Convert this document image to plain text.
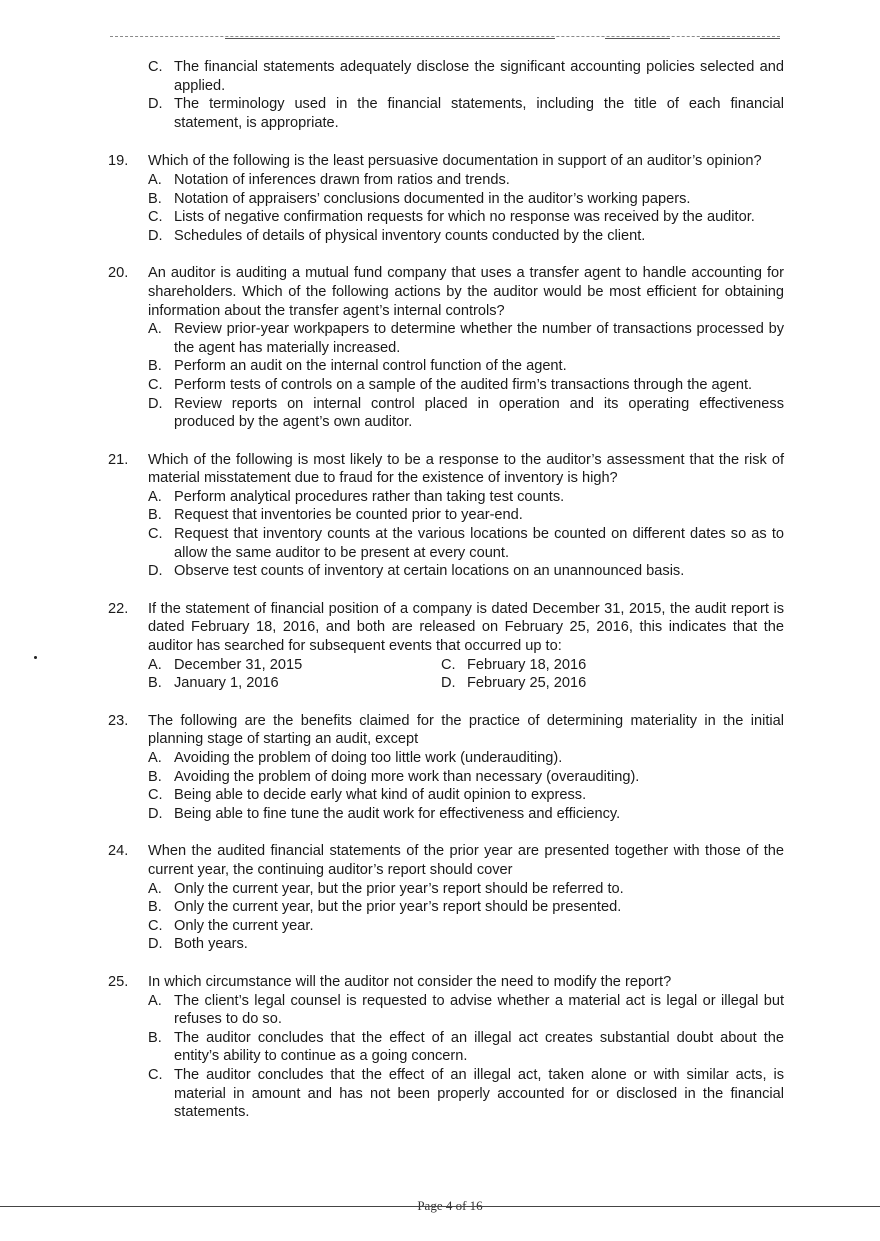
C. The financial statements adequately disclose the significant accounting policies selected and applied.
D. The terminology used in the financial statements, including the title of each financial statement, is appropriate.
19.	Which of the following is the least persuasive documentation in support of an auditor’s opinion?
A. Notation of inferences drawn from ratios and trends.
B. Notation of appraisers’ conclusions documented in the auditor’s working papers.
C. Lists of negative confirmation requests for which no response was received by the auditor.
D. Schedules of details of physical inventory counts conducted by the client.
20.	An auditor is auditing a mutual fund company that uses a transfer agent to handle accounting for shareholders. Which of the following actions by the auditor would be most efficient for obtaining information about the transfer agent’s internal controls?
A. Review prior-year workpapers to determine whether the number of transactions processed by the agent has materially increased.
B. Perform an audit on the internal control function of the agent.
C. Perform tests of controls on a sample of the audited firm’s transactions through the agent.
D. Review reports on internal control placed in operation and its operating effectiveness produced by the agent’s own auditor.
21.	Which of the following is most likely to be a response to the auditor’s assessment that the risk of material misstatement due to fraud for the existence of inventory is high?
A. Perform analytical procedures rather than taking test counts.
B. Request that inventories be counted prior to year-end.
C. Request that inventory counts at the various locations be counted on different dates so as to allow the same auditor to be present at every count.
D. Observe test counts of inventory at certain locations on an unannounced basis.
22.	If the statement of financial position of a company is dated December 31, 2015, the audit report is dated February 18, 2016, and both are released on February 25, 2016, this indicates that the auditor has searched for subsequent events that occurred up to:
A. December 31, 2015	C. February 18, 2016
B. January 1, 2016	D. February 25, 2016
23.	The following are the benefits claimed for the practice of determining materiality in the initial planning stage of starting an audit, except
A. Avoiding the problem of doing too little work (underauditing).
B. Avoiding the problem of doing more work than necessary (overauditing).
C. Being able to decide early what kind of audit opinion to express.
D. Being able to fine tune the audit work for effectiveness and efficiency.
24.	When the audited financial statements of the prior year are presented together with those of the current year, the continuing auditor’s report should cover
A. Only the current year, but the prior year’s report should be referred to.
B. Only the current year, but the prior year’s report should be presented.
C. Only the current year.
D. Both years.
25.	In which circumstance will the auditor not consider the need to modify the report?
A. The client’s legal counsel is requested to advise whether a material act is legal or illegal but refuses to do so.
B. The auditor concludes that the effect of an illegal act creates substantial doubt about the entity’s ability to continue as a going concern.
C. The auditor concludes that the effect of an illegal act, taken alone or with similar acts, is material in amount and has not been properly accounted for or disclosed in the financial statements.
Page 4 of 16
